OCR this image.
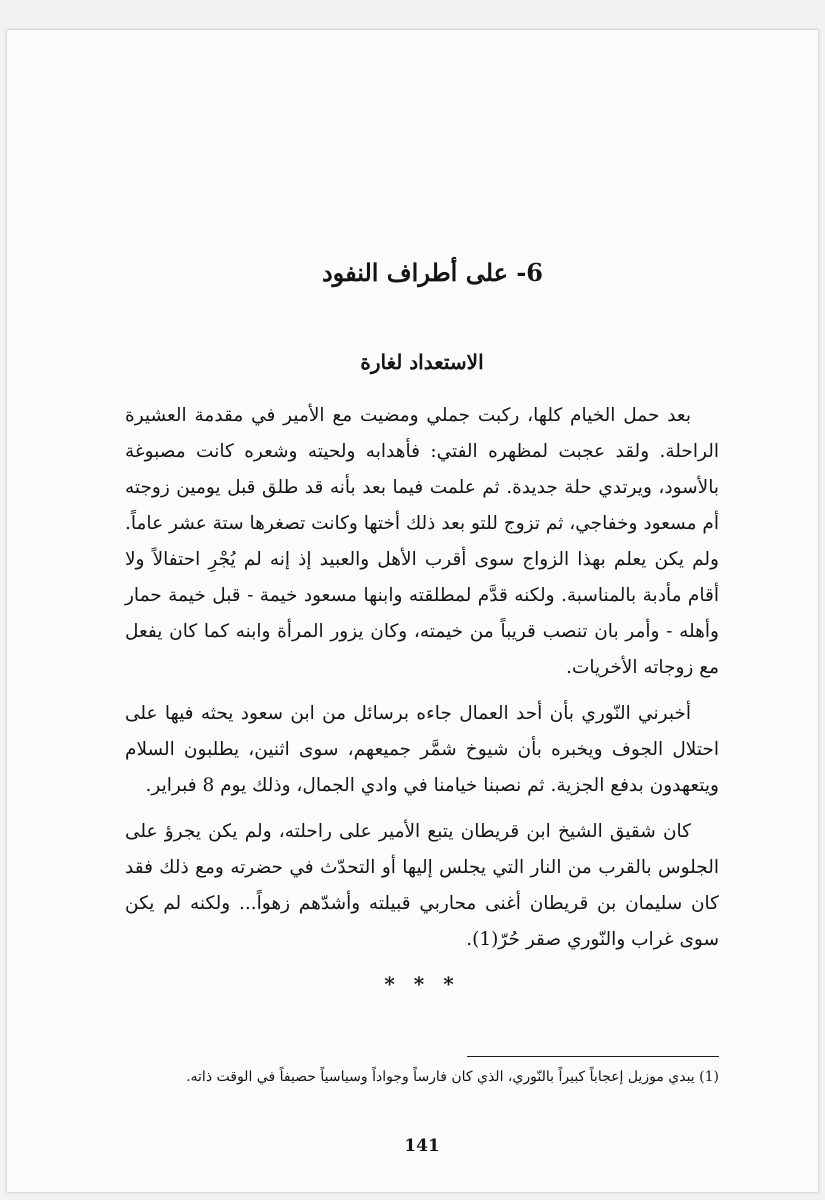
6- على أطراف النفود
الاستعداد لغارة

بعد حمل الخيام كلها، ركبت جملي ومضيت مع الأمير في مقدمة العشيرة الراحلة. ولقد عجبت لمظهره الفتي: فأهدابه ولحيته وشعره كانت مصبوغة بالأسود، ويرتدي حلة جديدة. ثم علمت فيما بعد بأنه قد طلق قبل يومين زوجته أم مسعود وخفاجي، ثم تزوج للتو بعد ذلك أختها وكانت تصغرها ستة عشر عاماً. ولم يكن يعلم بهذا الزواج سوى أقرب الأهل والعبيد إذ إنه لم يُجْرِ احتفالاً ولا أقام مأدبة بالمناسبة. ولكنه قدَّم لمطلقته وابنها مسعود خيمة - قبل خيمة حمار وأهله - وأمر بان تنصب قريباً من خيمته، وكان يزور المرأة وابنه كما كان يفعل مع زوجاته الأخريات.

أخبرني النّوري بأن أحد العمال جاءه برسائل من ابن سعود يحثه فيها على احتلال الجوف ويخبره بأن شيوخ شمَّر جميعهم، سوى اثنين، يطلبون السلام ويتعهدون بدفع الجزية. ثم نصبنا خيامنا في وادي الجمال، وذلك يوم 8 فبراير.

كان شقيق الشيخ ابن قريطان يتبع الأمير على راحلته، ولم يكن يجرؤ على الجلوس بالقرب من النار التي يجلس إليها أو التحدّث في حضرته ومع ذلك فقد كان سليمان بن قريطان أغنى محاربي قبيلته وأشدّهم زهواً... ولكنه لم يكن سوى غراب والنّوري صقر حُرّ(1).

* * *

(1) يبدي موزيل إعجاباً كبيراً بالنّوري، الذي كان فارساً وجواداً وسياسياً حصيفاً في الوقت ذاته.

141
